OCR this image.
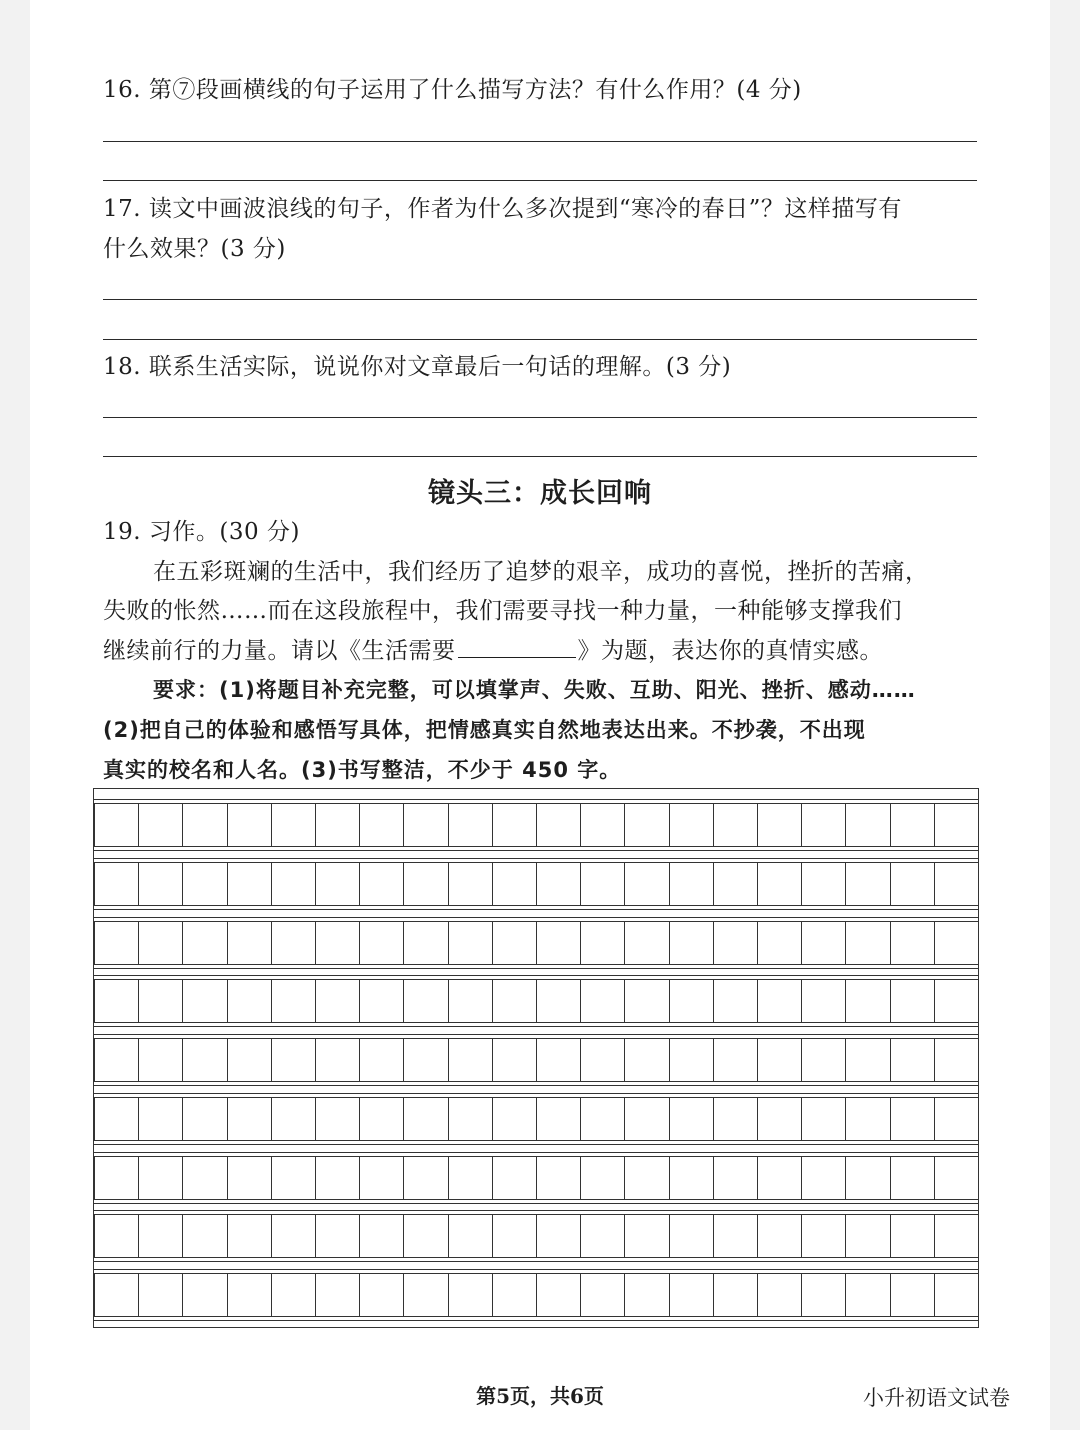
16. 第⑦段画横线的句子运用了什么描写方法？有什么作用？(4 分)
17. 读文中画波浪线的句子，作者为什么多次提到“寒冷的春日”？这样描写有
什么效果？(3 分)
18. 联系生活实际，说说你对文章最后一句话的理解。(3 分)
镜头三：成长回响
19. 习作。(30 分)
在五彩斑斓的生活中，我们经历了追梦的艰辛，成功的喜悦，挫折的苦痛，
失败的怅然……而在这段旅程中，我们需要寻找一种力量，一种能够支撑我们
继续前行的力量。请以《生活需要	》为题，表达你的真情实感。
要求：(1)将题目补充完整，可以填掌声、失败、互助、阳光、挫折、感动……
(2)把自己的体验和感悟写具体，把情感真实自然地表达出来。不抄袭，不出现
真实的校名和人名。(3)书写整洁，不少于 450 字。
第5页，共6页	小升初语文试卷
